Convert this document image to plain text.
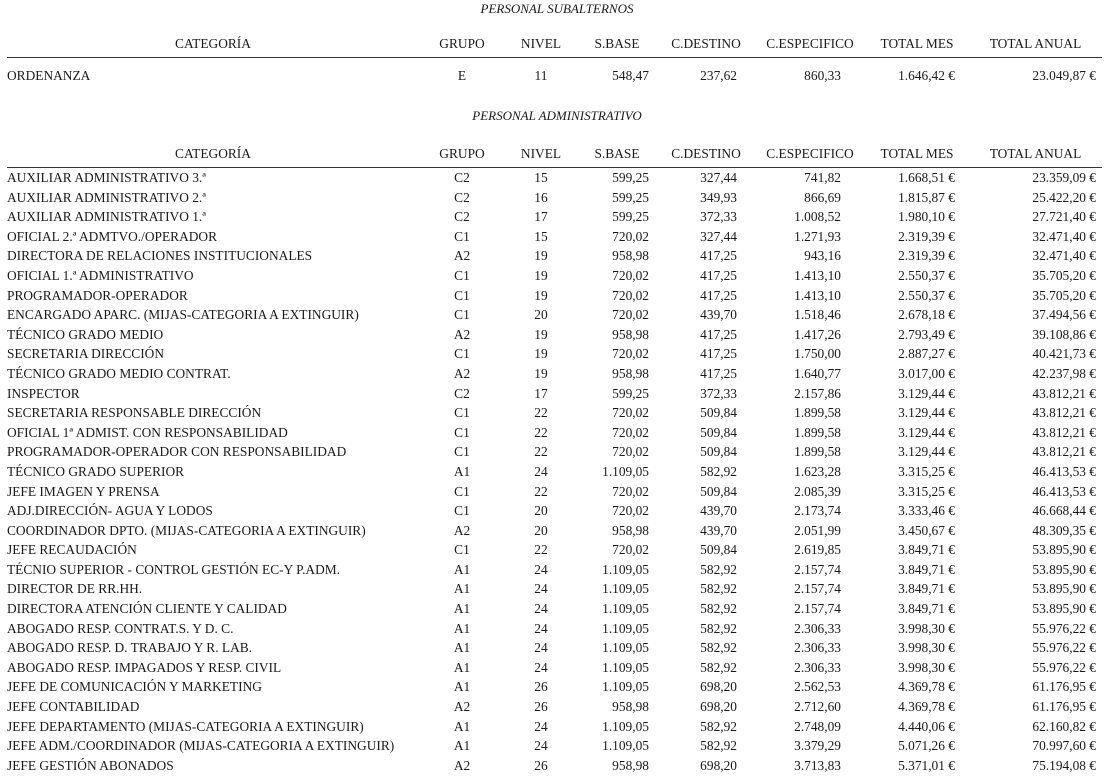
PERSONAL SUBALTERNOS
CATEGORÍA	GRUPO	NIVEL	S.BASE	C.DESTINO	C.ESPECIFICO	TOTAL MES	TOTAL ANUAL
ORDENANZA	E	11	548,47	237,62	860,33	1.646,42 €	23.049,87 €
PERSONAL ADMINISTRATIVO
CATEGORÍA	GRUPO	NIVEL	S.BASE	C.DESTINO	C.ESPECIFICO	TOTAL MES	TOTAL ANUAL
AUXILIAR ADMINISTRATIVO 3.ª	C2	15	599,25	327,44	741,82	1.668,51 €	23.359,09 €
AUXILIAR ADMINISTRATIVO 2.ª	C2	16	599,25	349,93	866,69	1.815,87 €	25.422,20 €
AUXILIAR ADMINISTRATIVO 1.ª	C2	17	599,25	372,33	1.008,52	1.980,10 €	27.721,40 €
OFICIAL 2.ª ADMTVO./OPERADOR	C1	15	720,02	327,44	1.271,93	2.319,39 €	32.471,40 €
DIRECTORA DE RELACIONES INSTITUCIONALES	A2	19	958,98	417,25	943,16	2.319,39 €	32.471,40 €
OFICIAL 1.ª ADMINISTRATIVO	C1	19	720,02	417,25	1.413,10	2.550,37 €	35.705,20 €
PROGRAMADOR-OPERADOR	C1	19	720,02	417,25	1.413,10	2.550,37 €	35.705,20 €
ENCARGADO APARC. (MIJAS-CATEGORIA A EXTINGUIR)	C1	20	720,02	439,70	1.518,46	2.678,18 €	37.494,56 €
TÉCNICO GRADO MEDIO	A2	19	958,98	417,25	1.417,26	2.793,49 €	39.108,86 €
SECRETARIA DIRECCIÓN	C1	19	720,02	417,25	1.750,00	2.887,27 €	40.421,73 €
TÉCNICO GRADO MEDIO CONTRAT.	A2	19	958,98	417,25	1.640,77	3.017,00 €	42.237,98 €
INSPECTOR	C2	17	599,25	372,33	2.157,86	3.129,44 €	43.812,21 €
SECRETARIA RESPONSABLE DIRECCIÓN	C1	22	720,02	509,84	1.899,58	3.129,44 €	43.812,21 €
OFICIAL 1ª ADMIST. CON RESPONSABILIDAD	C1	22	720,02	509,84	1.899,58	3.129,44 €	43.812,21 €
PROGRAMADOR-OPERADOR CON RESPONSABILIDAD	C1	22	720,02	509,84	1.899,58	3.129,44 €	43.812,21 €
TÉCNICO GRADO SUPERIOR	A1	24	1.109,05	582,92	1.623,28	3.315,25 €	46.413,53 €
JEFE IMAGEN Y PRENSA	C1	22	720,02	509,84	2.085,39	3.315,25 €	46.413,53 €
ADJ.DIRECCIÓN- AGUA Y LODOS	C1	20	720,02	439,70	2.173,74	3.333,46 €	46.668,44 €
COORDINADOR DPTO. (MIJAS-CATEGORIA A EXTINGUIR)	A2	20	958,98	439,70	2.051,99	3.450,67 €	48.309,35 €
JEFE RECAUDACIÓN	C1	22	720,02	509,84	2.619,85	3.849,71 €	53.895,90 €
TÉCNIO SUPERIOR - CONTROL GESTIÓN EC-Y P.ADM.	A1	24	1.109,05	582,92	2.157,74	3.849,71 €	53.895,90 €
DIRECTOR DE RR.HH.	A1	24	1.109,05	582,92	2.157,74	3.849,71 €	53.895,90 €
DIRECTORA ATENCIÓN CLIENTE Y CALIDAD	A1	24	1.109,05	582,92	2.157,74	3.849,71 €	53.895,90 €
ABOGADO RESP. CONTRAT.S. Y D. C.	A1	24	1.109,05	582,92	2.306,33	3.998,30 €	55.976,22 €
ABOGADO RESP. D. TRABAJO Y R. LAB.	A1	24	1.109,05	582,92	2.306,33	3.998,30 €	55.976,22 €
ABOGADO RESP. IMPAGADOS Y RESP. CIVIL	A1	24	1.109,05	582,92	2.306,33	3.998,30 €	55.976,22 €
JEFE DE COMUNICACIÓN Y MARKETING	A1	26	1.109,05	698,20	2.562,53	4.369,78 €	61.176,95 €
JEFE CONTABILIDAD	A2	26	958,98	698,20	2.712,60	4.369,78 €	61.176,95 €
JEFE DEPARTAMENTO (MIJAS-CATEGORIA A EXTINGUIR)	A1	24	1.109,05	582,92	2.748,09	4.440,06 €	62.160,82 €
JEFE ADM./COORDINADOR (MIJAS-CATEGORIA A EXTINGUIR)	A1	24	1.109,05	582,92	3.379,29	5.071,26 €	70.997,60 €
JEFE GESTIÓN ABONADOS	A2	26	958,98	698,20	3.713,83	5.371,01 €	75.194,08 €
